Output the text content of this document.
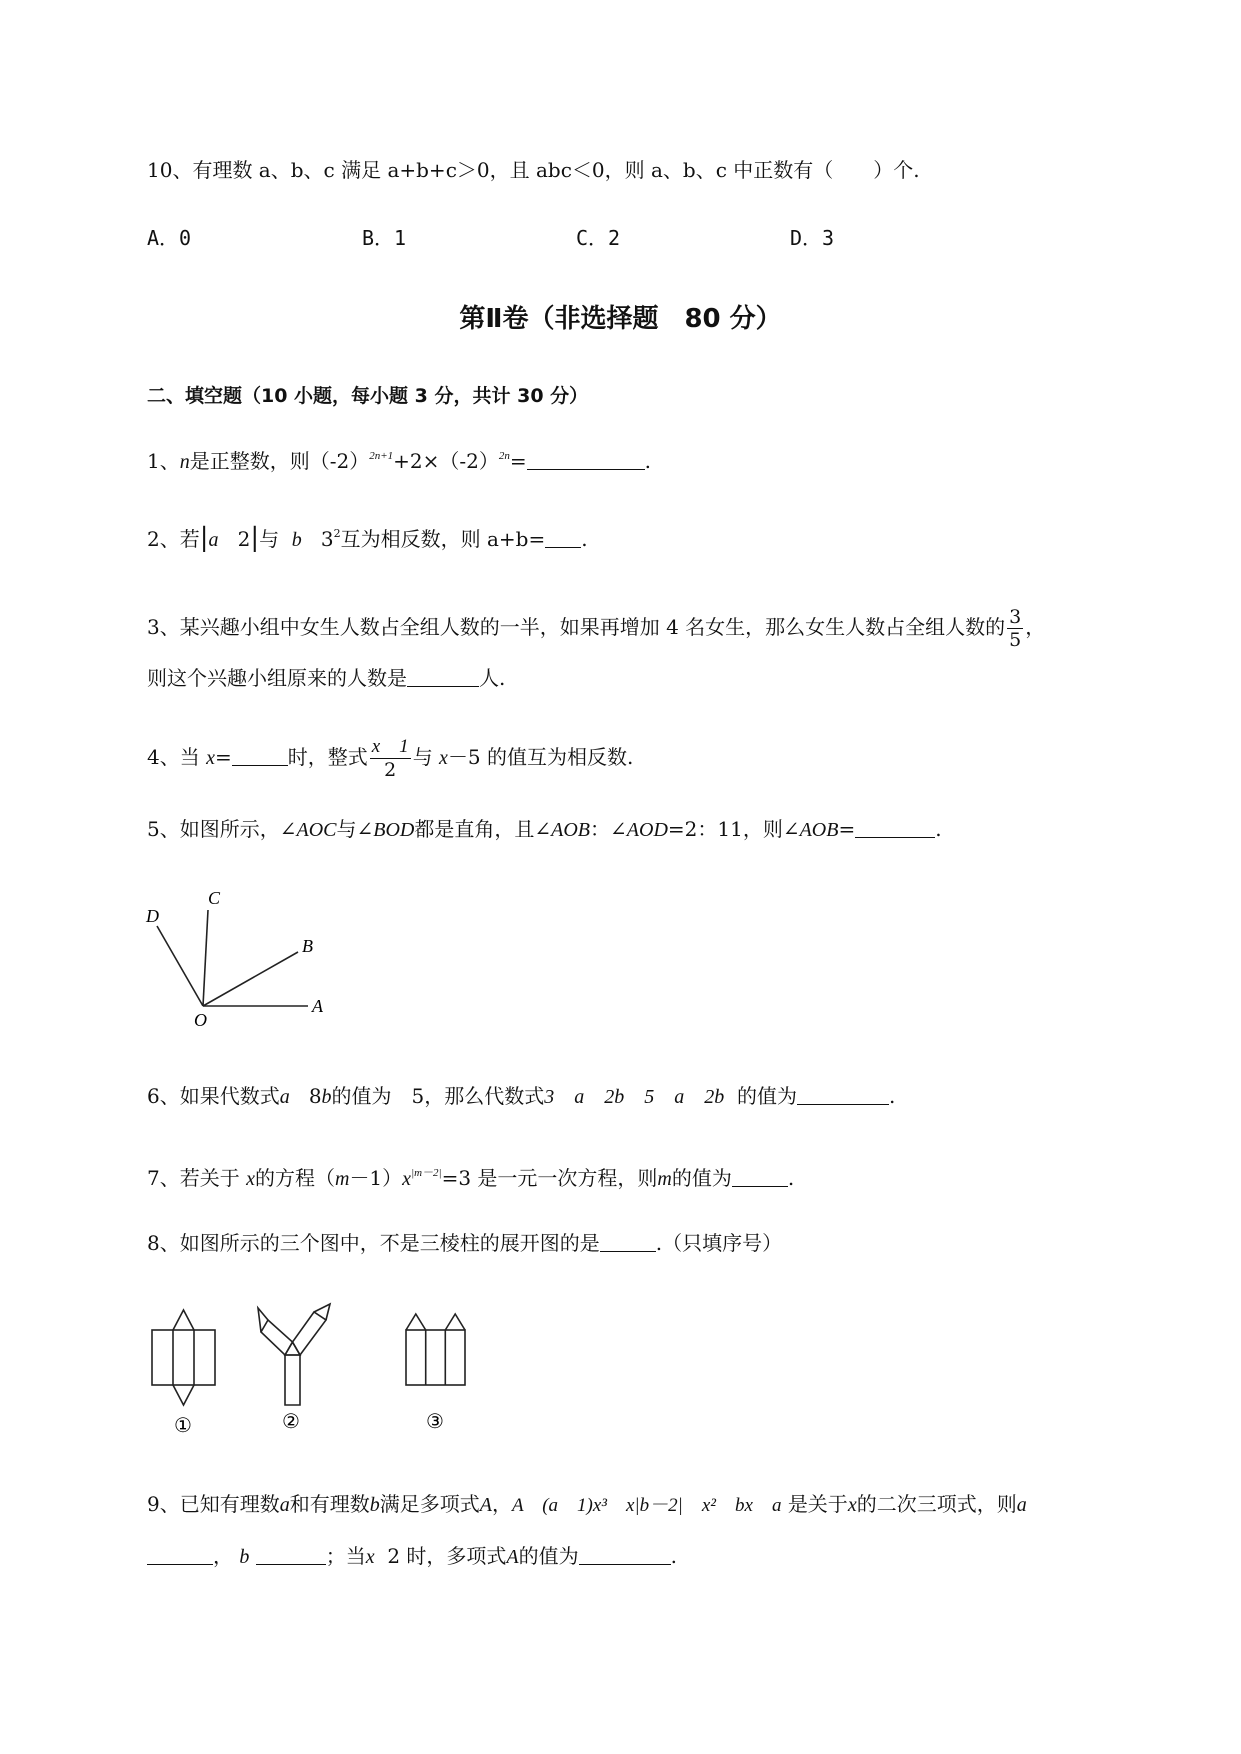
10、有理数 a、b、c 满足 a+b+c＞0，且 abc＜0，则 a、b、c 中正数有（　　）个.
A．0	B．1	C．2	D．3
第Ⅱ卷（非选择题　80 分）
二、填空题（10 小题，每小题 3 分，共计 30 分）
1、n是正整数，则$(-2)^{2n+1}+2\times(-2)^{2n}=$	.
2、若|a 2|与 b $3^2$互为相反数，则 a+b= .
3、某兴趣小组中女生人数占全组人数的一半，如果再增加 4 名女生，那么女生人数占全组人数的 $\frac{3}{5}$ ，
则这个兴趣小组原来的人数是	人.
4、当 x=	时，整式 $\frac{x 1}{2}$ 与 x－5 的值互为相反数.
5、如图所示，∠AOC与∠BOD都是直角，且∠AOB：∠AOD=2：11，则∠AOB=	.
D
C
B
O
A
6、如果代数式a 8b的值为　5，那么代数式3　a　2b　5　a　2b 的值为	.
7、若关于 x的方程$(m-1)x^{|m-2|}=3$ 是一元一次方程，则m的值为	.
8、如图所示的三个图中，不是三棱柱的展开图的是	.（只填序号）
①	②	③
9、已知有理数a和有理数b满足多项式A，A　(a　1)x³　x|b－2|　x²　bx　a 是关于x的二次三项式，则a
， b	；当x 2 时，多项式A的值为	.
